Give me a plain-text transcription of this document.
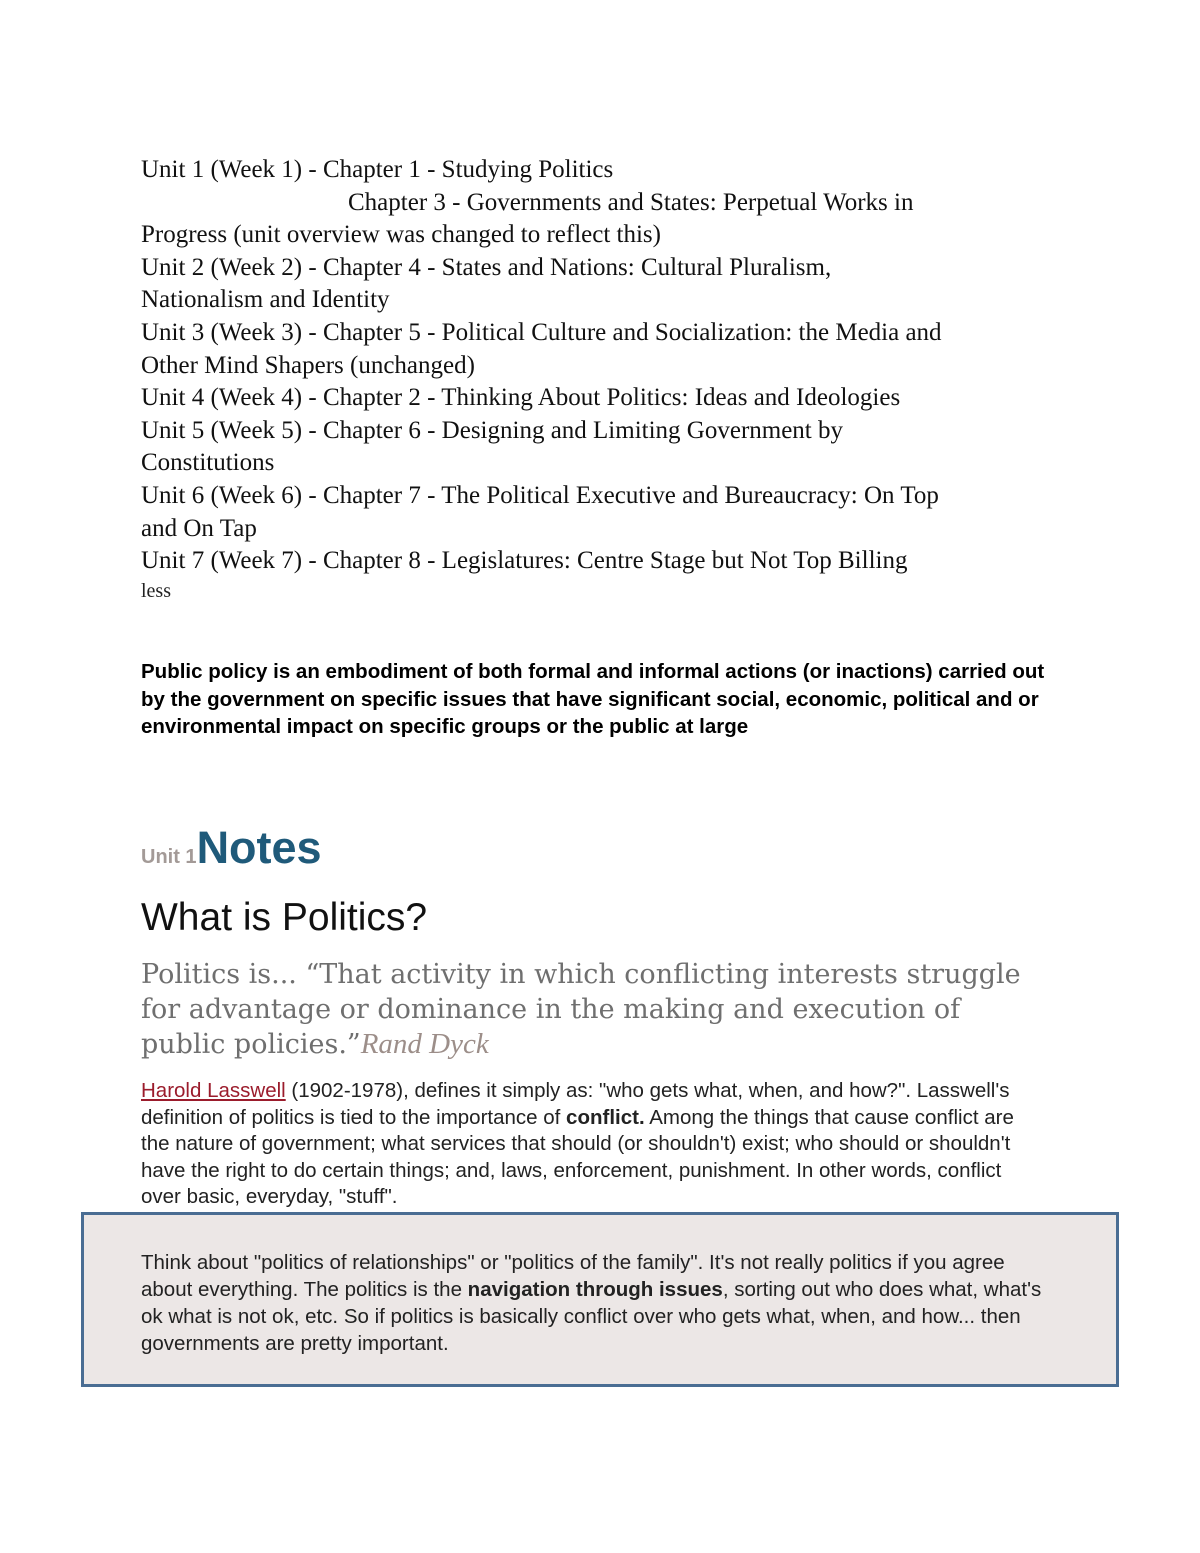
Unit 1 (Week 1) - Chapter 1 - Studying Politics
Chapter 3 - Governments and States: Perpetual Works in
Progress (unit overview was changed to reflect this)
Unit 2 (Week 2) - Chapter 4 - States and Nations: Cultural Pluralism,
Nationalism and Identity
Unit 3 (Week 3) - Chapter 5 - Political Culture and Socialization: the Media and
Other Mind Shapers (unchanged)
Unit 4 (Week 4) - Chapter 2 - Thinking About Politics: Ideas and Ideologies
Unit 5 (Week 5) - Chapter 6 - Designing and Limiting Government by
Constitutions
Unit 6 (Week 6) - Chapter 7 - The Political Executive and Bureaucracy: On Top
and On Tap
Unit 7 (Week 7) - Chapter 8 - Legislatures: Centre Stage but Not Top Billing
less
Public policy is an embodiment of both formal and informal actions (or inactions) carried out by the government on specific issues that have significant social, economic, political and or environmental impact on specific groups or the public at large
Unit 1Notes
What is Politics?
Politics is... “That activity in which conflicting interests struggle for advantage or dominance in the making and execution of public policies.”Rand Dyck
Harold Lasswell (1902-1978), defines it simply as: "who gets what, when, and how?". Lasswell's definition of politics is tied to the importance of conflict. Among the things that cause conflict are the nature of government; what services that should (or shouldn't) exist; who should or shouldn't have the right to do certain things; and, laws, enforcement, punishment. In other words, conflict over basic, everyday, "stuff".
Think about "politics of relationships" or "politics of the family". It's not really politics if you agree about everything. The politics is the navigation through issues, sorting out who does what, what's ok what is not ok, etc. So if politics is basically conflict over who gets what, when, and how... then governments are pretty important.
